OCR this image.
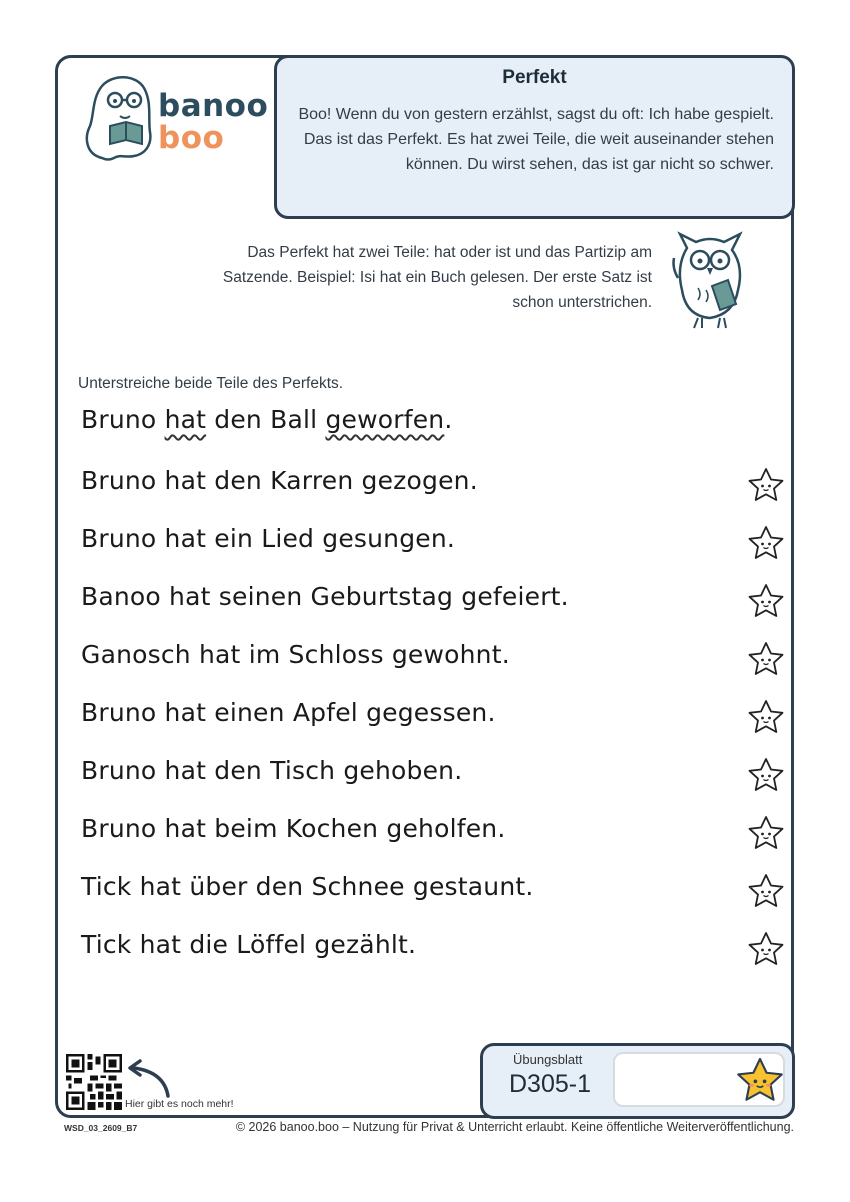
banoo
boo
Perfekt
Boo! Wenn du von gestern erzählst, sagst du oft: Ich habe gespielt. Das ist das Perfekt. Es hat zwei Teile, die weit auseinander stehen können. Du wirst sehen, das ist gar nicht so schwer.
Das Perfekt hat zwei Teile: hat oder ist und das Partizip am Satzende. Beispiel: Isi hat ein Buch gelesen. Der erste Satz ist schon unterstrichen.
Unterstreiche beide Teile des Perfekts.
Bruno hat den Ball geworfen.
Bruno hat den Karren gezogen.
Bruno hat ein Lied gesungen.
Banoo hat seinen Geburtstag gefeiert.
Ganosch hat im Schloss gewohnt.
Bruno hat einen Apfel gegessen.
Bruno hat den Tisch gehoben.
Bruno hat beim Kochen geholfen.
Tick hat über den Schnee gestaunt.
Tick hat die Löffel gezählt.
Hier gibt es noch mehr!
Übungsblatt
D305-1
WSD_03_2609_B7	© 2026 banoo.boo – Nutzung für Privat & Unterricht erlaubt. Keine öffentliche Weiterveröffentlichung.
